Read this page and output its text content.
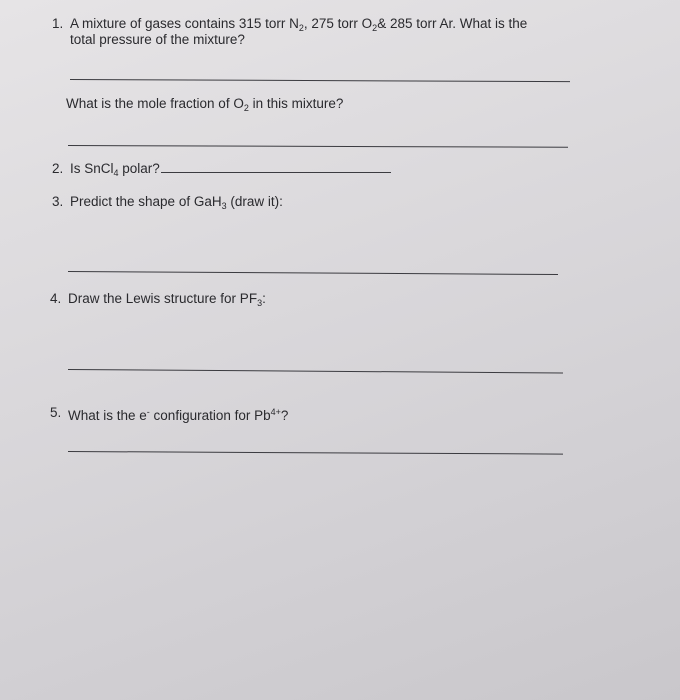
1. A mixture of gases contains 315 torr $N_2$, 275 torr $O_2\&$ 285 torr Ar. What is the
total pressure of the mixture?
What is the mole fraction of $O_2$ in this mixture?
2. Is SnCl$_4$ polar?
3. Predict the shape of GaH$_3$ (draw it):
4. Draw the Lewis structure for $PF_3$:
5. What is the e- configuration for $Pb^{4+}$?
